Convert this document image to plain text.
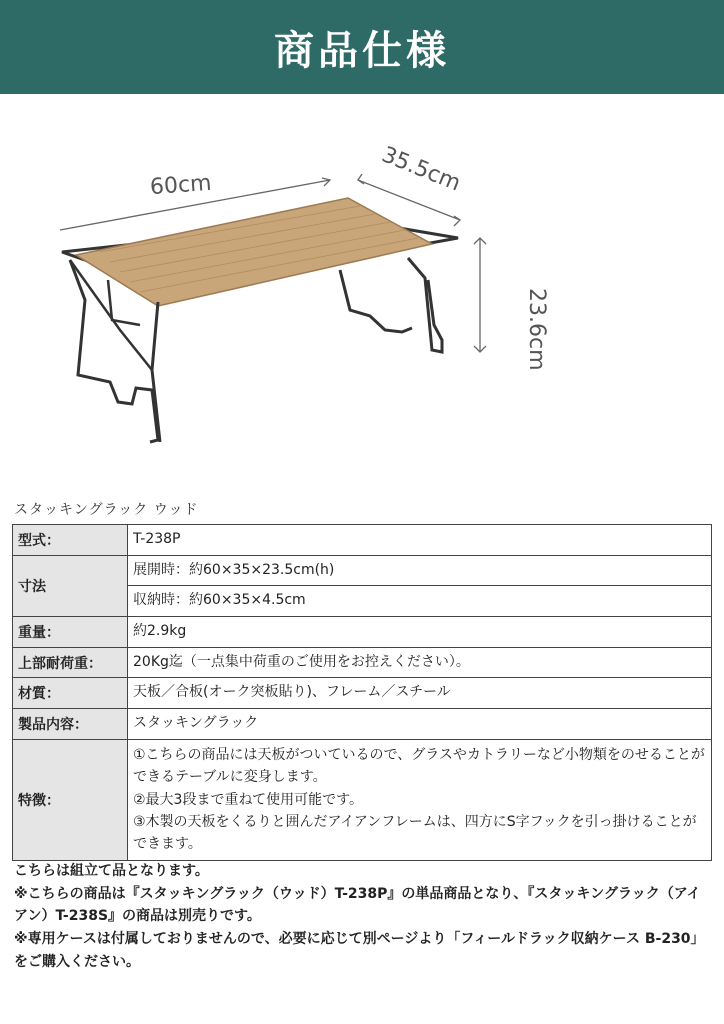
商品仕様
60cm	35.5cm
23.6cm
スタッキングラック ウッド
型式：	T-238P
寸法	展開時：約60×35×23.5cm(h)
	収納時：約60×35×4.5cm
重量：	約2.9kg
上部耐荷重：	20Kg迄（一点集中荷重のご使用をお控えください）。
材質：	天板／合板(オーク突板貼り)、フレーム／スチール
製品内容：	スタッキングラック
特徴：	①こちらの商品には天板がついているので、グラスやカトラリーなど小物類をのせることができるテーブルに変身します。

②最大3段まで重ねて使用可能です。

③木製の天板をくるりと囲んだアイアンフレームは、四方にS字フックを引っ掛けることができます。

こちらは組立て品となります。

※こちらの商品は『スタッキングラック（ウッド）T-238P』の単品商品となり、『スタッキングラック（アイアン）T-238S』の商品は別売りです。

※専用ケースは付属しておりませんので、必要に応じて別ページより「フィールドラック収納ケース B-230」をご購入ください。
